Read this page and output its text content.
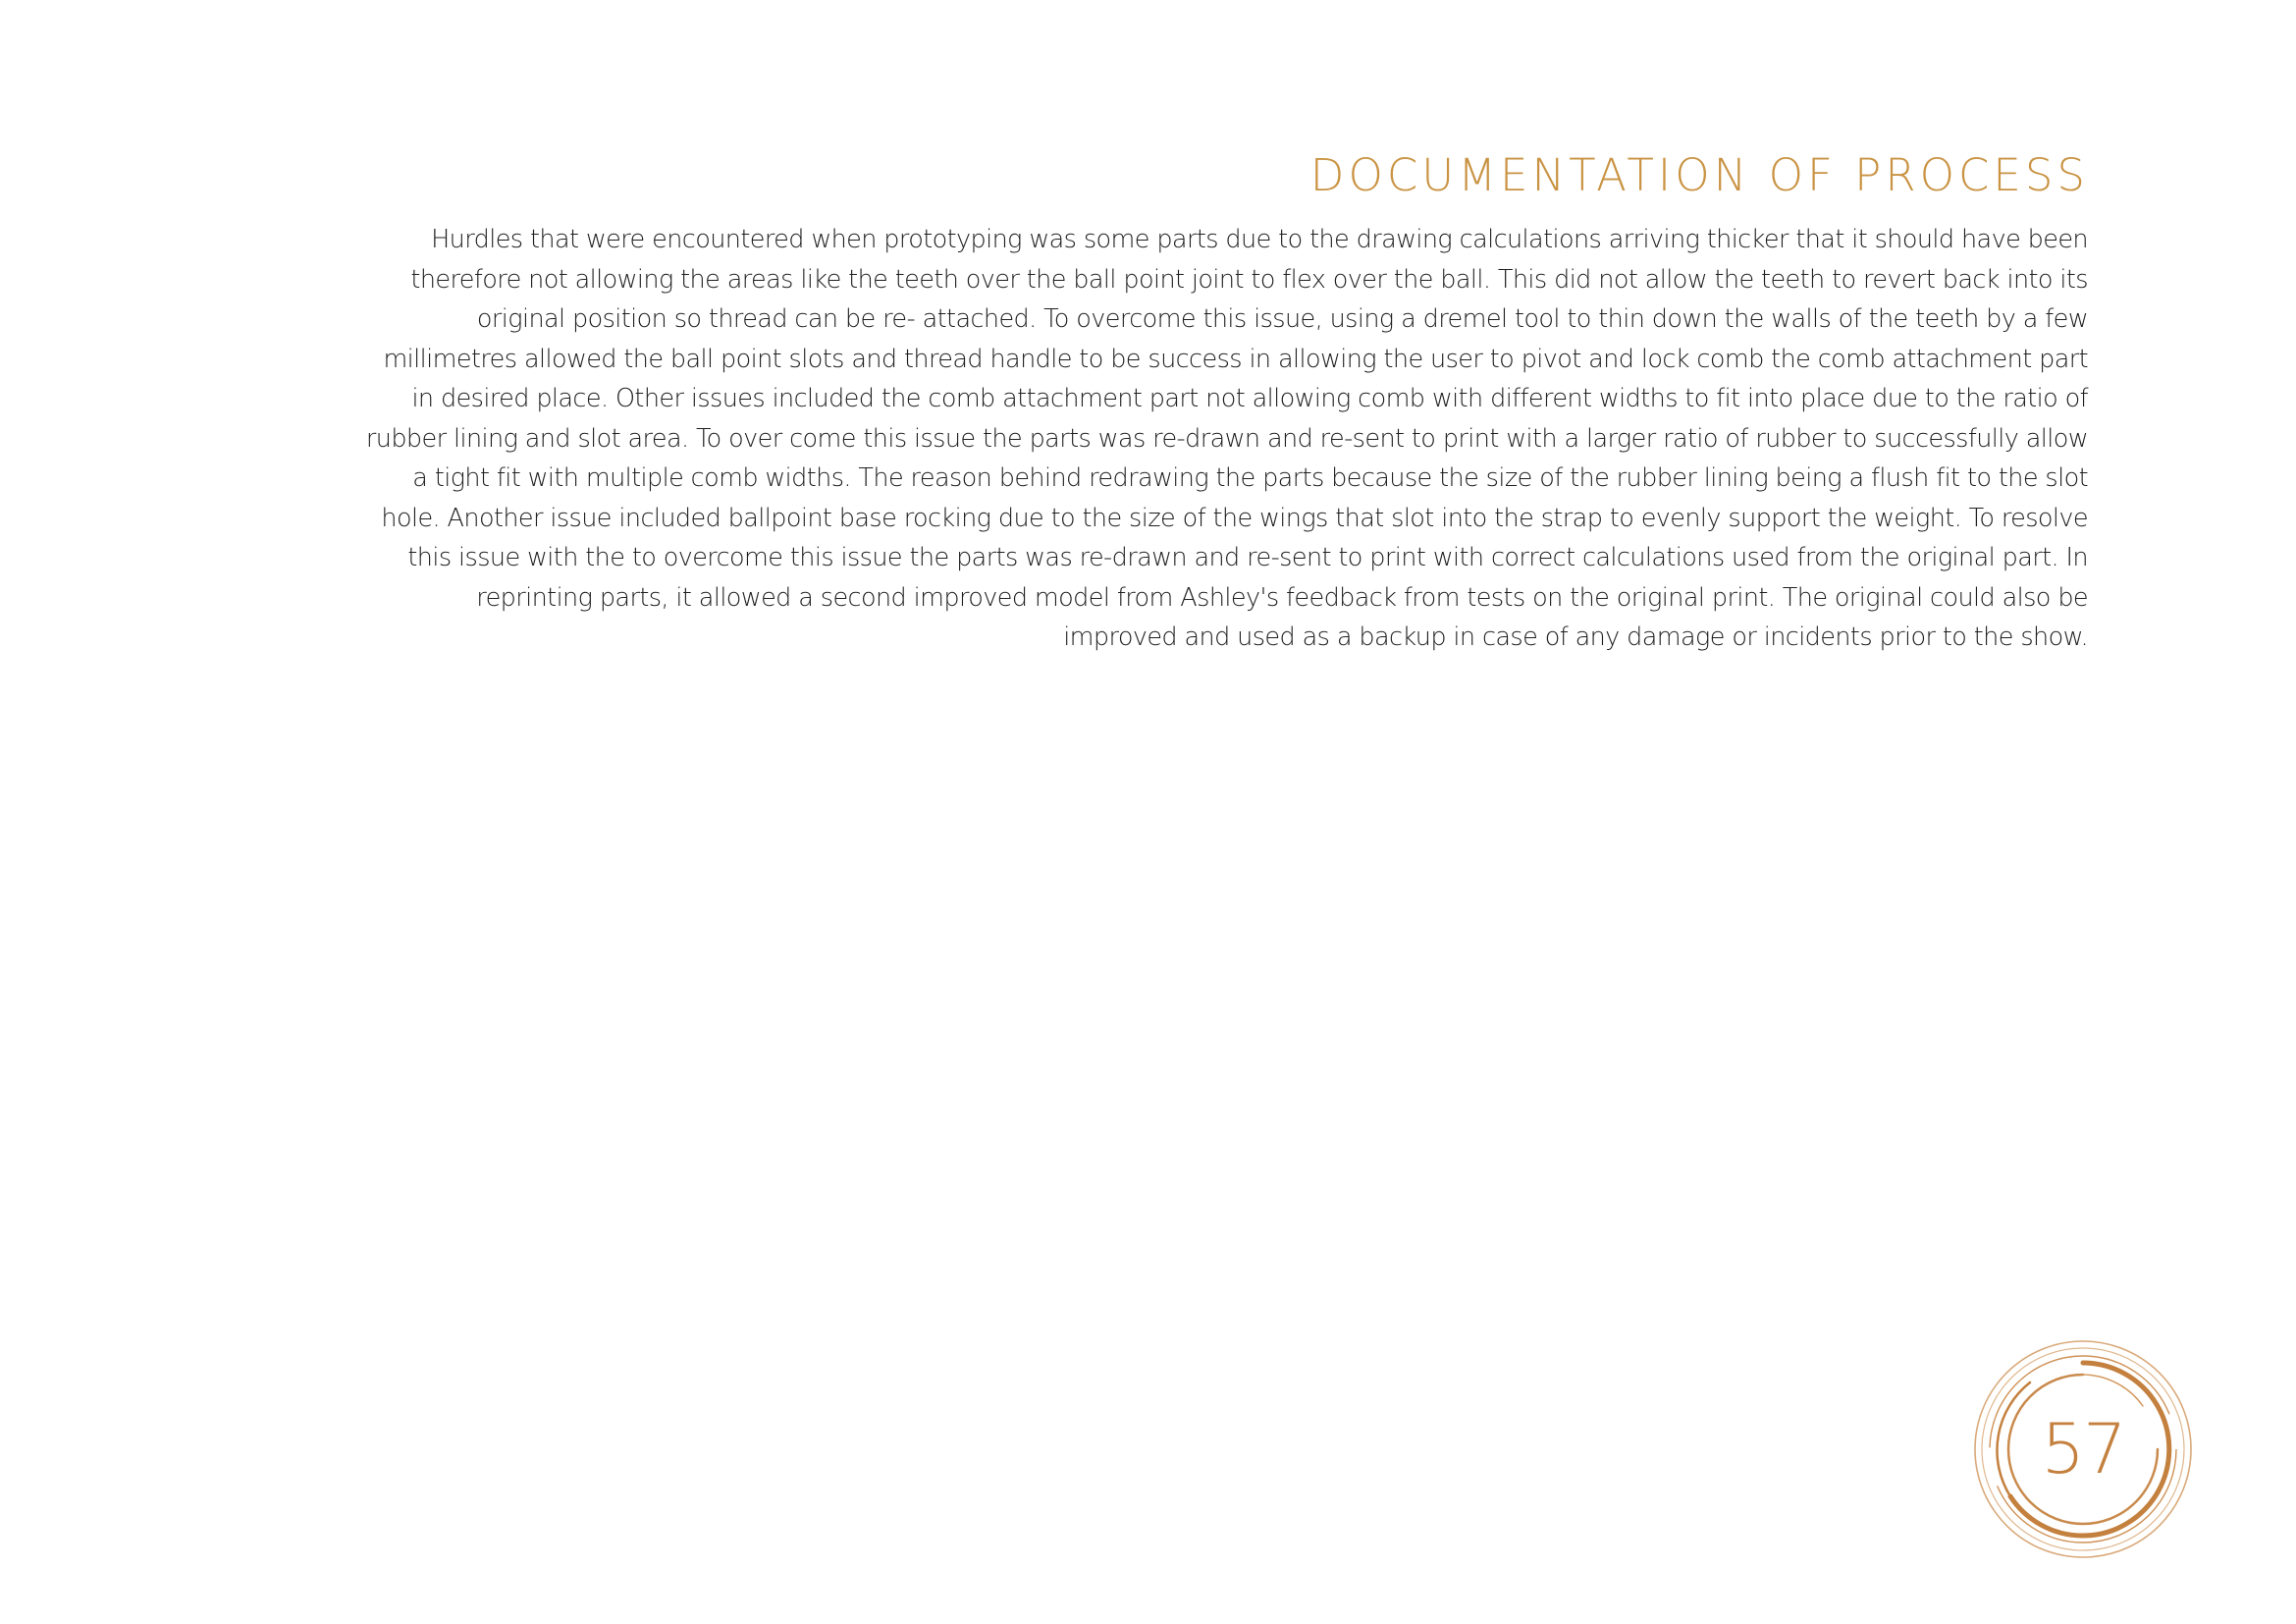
DOCUMENTATION OF PROCESS

Hurdles that were encountered when prototyping was some parts due to the drawing calculations arriving thicker that it should have been therefore not allowing the areas like the teeth over the ball point joint to flex over the ball. This did not allow the teeth to revert back into its original position so thread can be re- attached. To overcome this issue, using a dremel tool to thin down the walls of the teeth by a few millimetres allowed the ball point slots and thread handle to be success in allowing the user to pivot and lock comb the comb attachment part in desired place. Other issues included the comb attachment part not allowing comb with different widths to fit into place due to the ratio of rubber lining and slot area. To over come this issue the parts was re-drawn and re-sent to print with a larger ratio of rubber to successfully allow a tight fit with multiple comb widths. The reason behind redrawing the parts because the size of the rubber lining being a flush fit to the slot hole. Another issue included ballpoint base rocking due to the size of the wings that slot into the strap to evenly support the weight. To resolve this issue with the to overcome this issue the parts was re-drawn and re-sent to print with correct calculations used from the original part. In reprinting parts, it allowed a second improved model from Ashley's feedback from tests on the original print. The original could also be improved and used as a backup in case of any damage or incidents prior to the show.

57
